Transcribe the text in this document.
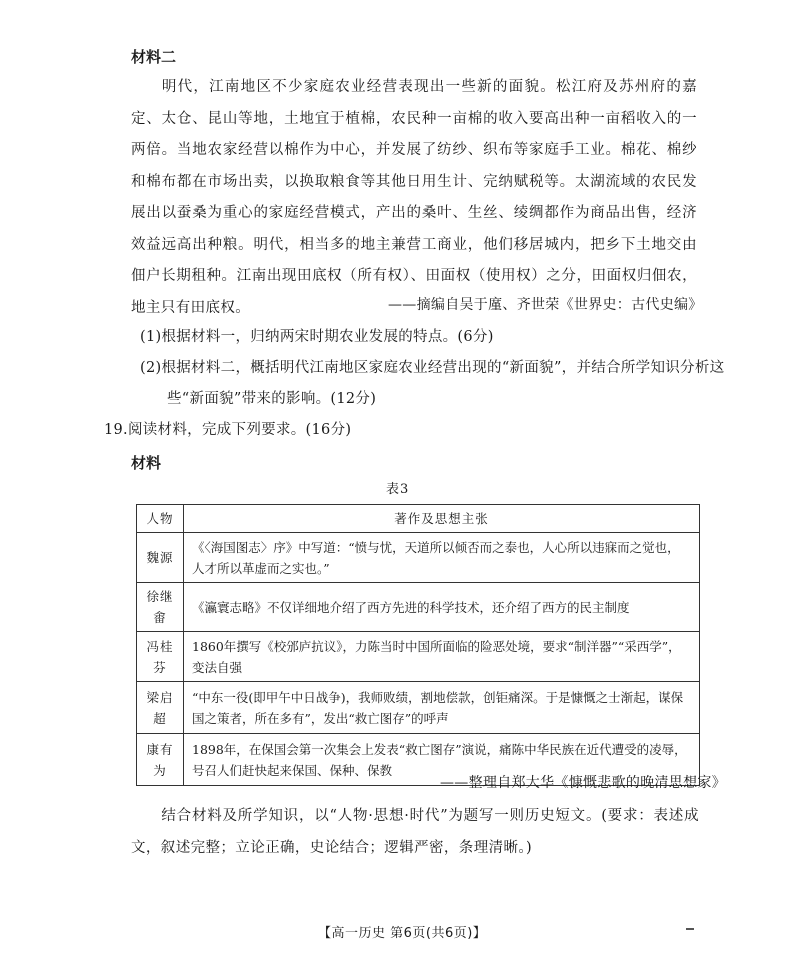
材料二

明代，江南地区不少家庭农业经营表现出一些新的面貌。松江府及苏州府的嘉定、太仓、昆山等地，土地宜于植棉，农民种一亩棉的收入要高出种一亩稻收入的一两倍。当地农家经营以棉作为中心，并发展了纺纱、织布等家庭手工业。棉花、棉纱和棉布都在市场出卖，以换取粮食等其他日用生计、完纳赋税等。太湖流域的农民发展出以蚕桑为重心的家庭经营模式，产出的桑叶、生丝、绫绸都作为商品出售，经济效益远高出种粮。明代，相当多的地主兼营工商业，他们移居城内，把乡下土地交由佃户长期租种。江南出现田底权（所有权）、田面权（使用权）之分，田面权归佃农，地主只有田底权。	——摘编自吴于廑、齐世荣《世界史：古代史编》
(1)根据材料一，归纳两宋时期农业发展的特点。(6分)
(2)根据材料二，概括明代江南地区家庭农业经营出现的“新面貌”，并结合所学知识分析这
些“新面貌”带来的影响。(12分)
19.阅读材料，完成下列要求。(16分)
材料
表3
人物	著作及思想主张
魏源	《〈海国图志〉序》中写道：“愤与忧，天道所以倾否而之泰也，人心所以违寐而之觉也，人才所以革虚而之实也。”
徐继畬	《瀛寰志略》不仅详细地介绍了西方先进的科学技术，还介绍了西方的民主制度
冯桂芬	1860年撰写《校邠庐抗议》，力陈当时中国所面临的险恶处境，要求“制洋器”“采西学”，变法自强
梁启超	“中东一役(即甲午中日战争)，我师败绩，割地偿款，创钜痛深。于是慷慨之士渐起，谋保国之策者，所在多有”，发出“救亡图存”的呼声
康有为	1898年，在保国会第一次集会上发表“救亡图存”演说，痛陈中华民族在近代遭受的凌辱，号召人们赶快起来保国、保种、保教
——整理自郑大华《慷慨悲歌的晚清思想家》

结合材料及所学知识，以“人物·思想·时代”为题写一则历史短文。(要求：表述成文，叙述完整；立论正确，史论结合；逻辑严密，条理清晰。)

【高一历史 第6页(共6页)】
